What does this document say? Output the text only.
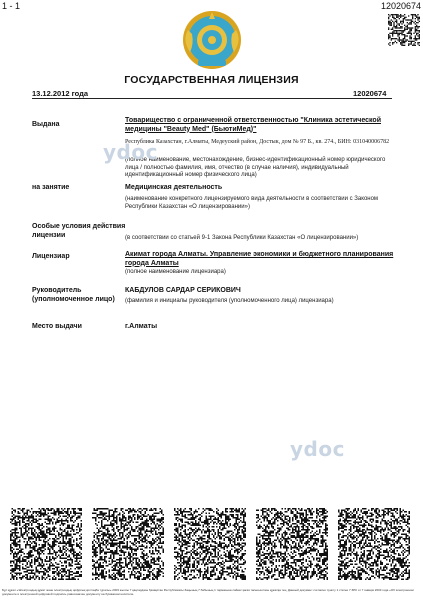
1 - 1	12020674
ГОСУДАРСТВЕННАЯ ЛИЦЕНЗИЯ
13.12.2012 года	12020674
Выдана
Товарищество с ограниченной ответственностью "Клиника эстетической медицины "Beauty Med" (БьютиМед)"
Республика Казахстан, г.Алматы, Медеуский район, Достык, дом № 97 Б., кв. 274., БИН: 031040006782
(полное наименование, местонахождение, бизнес-идентификационный номер юридического лица / полностью фамилия, имя, отчество (в случае наличия), индивидуальный идентификационный номер физического лица)
на занятие	Медицинская деятельность
(наименование конкретного лицензируемого вида деятельности в соответствии с Законом Республики Казахстан «О лицензировании»)
Особые условия действия лицензии	(в соответствии со статьей 9-1 Закона Республики Казахстан «О лицензировании»)
Лицензиар	Акимат города Алматы. Управление экономики и бюджетного планирования города Алматы
(полное наименование лицензиара)
Руководитель (уполномоченное лицо)
КАБДУЛОВ САРДАР СЕРИКОВИЧ
(фамилия и инициалы руководителя (уполномоченного лица) лицензиара)
Место выдачи	г.Алматы
ydoc
ydoc
Бұл құжат «Электрондық құжат және электрондық цифрлық қолтаңба туралы» 2003 жылғы 7 қаңтардағы Қазақстан Республикасы Заңының 7 бабының 1 тармағына сәйкес қағаз тасығыштағы құжатқа тең. Данный документ согласно пункту 1 статьи 7 ЗРК от 7 января 2003 года «Об электронном документе и электронной цифровой подписи» равнозначен документу на бумажном носителе.
